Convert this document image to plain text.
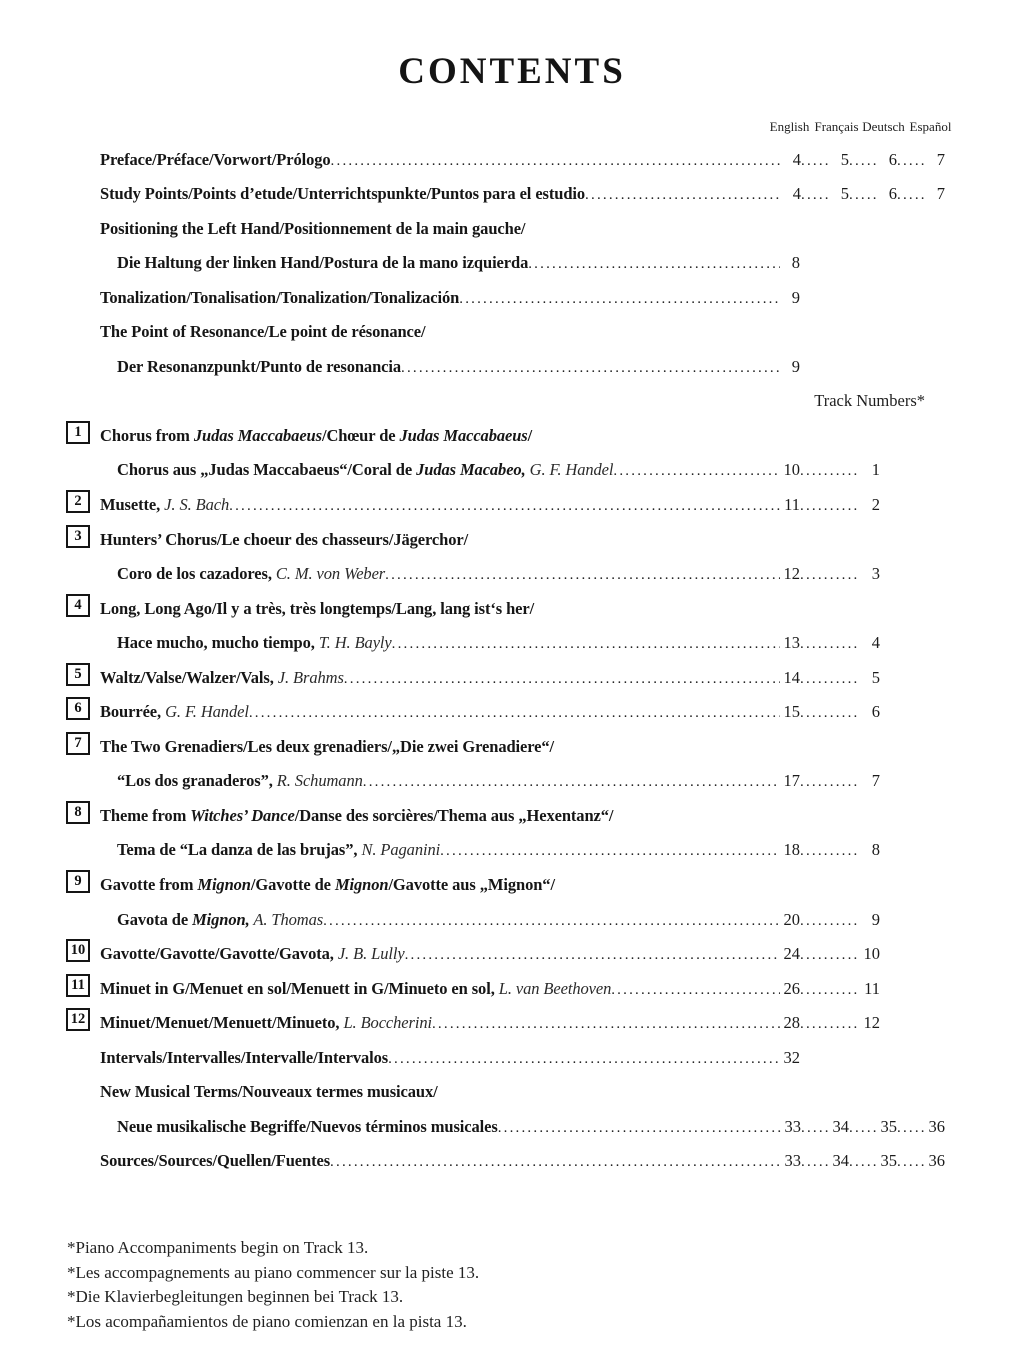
CONTENTS
English Français Deutsch Español
Preface/Préface/Vorwort/Prólogo .....	4 .....	5 .....	6 .....	7
Study Points/Points d’etude/Unterrichtspunkte/Puntos para el estudio .....	4 .....	5 .....	6 .....	7
Positioning the Left Hand/Positionnement de la main gauche/
Die Haltung der linken Hand/Postura de la mano izquierda .....	8
Tonalization/Tonalisation/Tonalization/Tonalización .....	9
The Point of Resonance/Le point de résonance/
Der Resonanzpunkt/Punto de resonancia .....	9
Track Numbers*
1	Chorus from Judas Maccabaeus/Chœur de Judas Maccabaeus/
Chorus aus „Judas Maccabaeus“/Coral de Judas Macabeo, G. F. Handel .....	10 .....	1
2	Musette, J. S. Bach .....	11 .....	2
3	Hunters’ Chorus/Le choeur des chasseurs/Jägerchor/
Coro de los cazadores, C. M. von Weber .....	12 .....	3
4	Long, Long Ago/Il y a très, très longtemps/Lang, lang ist‘s her/
Hace mucho, mucho tiempo, T. H. Bayly .....	13 .....	4
5	Waltz/Valse/Walzer/Vals, J. Brahms .....	14 .....	5
6	Bourrée, G. F. Handel .....	15 .....	6
7	The Two Grenadiers/Les deux grenadiers/„Die zwei Grenadiere“/
“Los dos granaderos”, R. Schumann .....	17 .....	7
8	Theme from Witches’ Dance/Danse des sorcières/Thema aus „Hexentanz“/
Tema de “La danza de las brujas”, N. Paganini .....	18 .....	8
9	Gavotte from Mignon/Gavotte de Mignon/Gavotte aus „Mignon“/
Gavota de Mignon, A. Thomas .....	20 .....	9
10 Gavotte/Gavotte/Gavotte/Gavota, J. B. Lully .....	24 .....	10
11 Minuet in G/Menuet en sol/Menuett in G/Minueto en sol, L. van Beethoven .....	26 .....	11
12 Minuet/Menuet/Menuett/Minueto, L. Boccherini .....	28 .....	12
Intervals/Intervalles/Intervalle/Intervalos .....	32
New Musical Terms/Nouveaux termes musicaux/
Neue musikalische Begriffe/Nuevos términos musicales .....	33 ..... 34 ..... 35 ..... 36
Sources/Sources/Quellen/Fuentes .....	33 ..... 34 ..... 35 ..... 36
*Piano Accompaniments begin on Track 13.
*Les accompagnements au piano commencer sur la piste 13.
*Die Klavierbegleitungen beginnen bei Track 13.
*Los acompañamientos de piano comienzan en la pista 13.
